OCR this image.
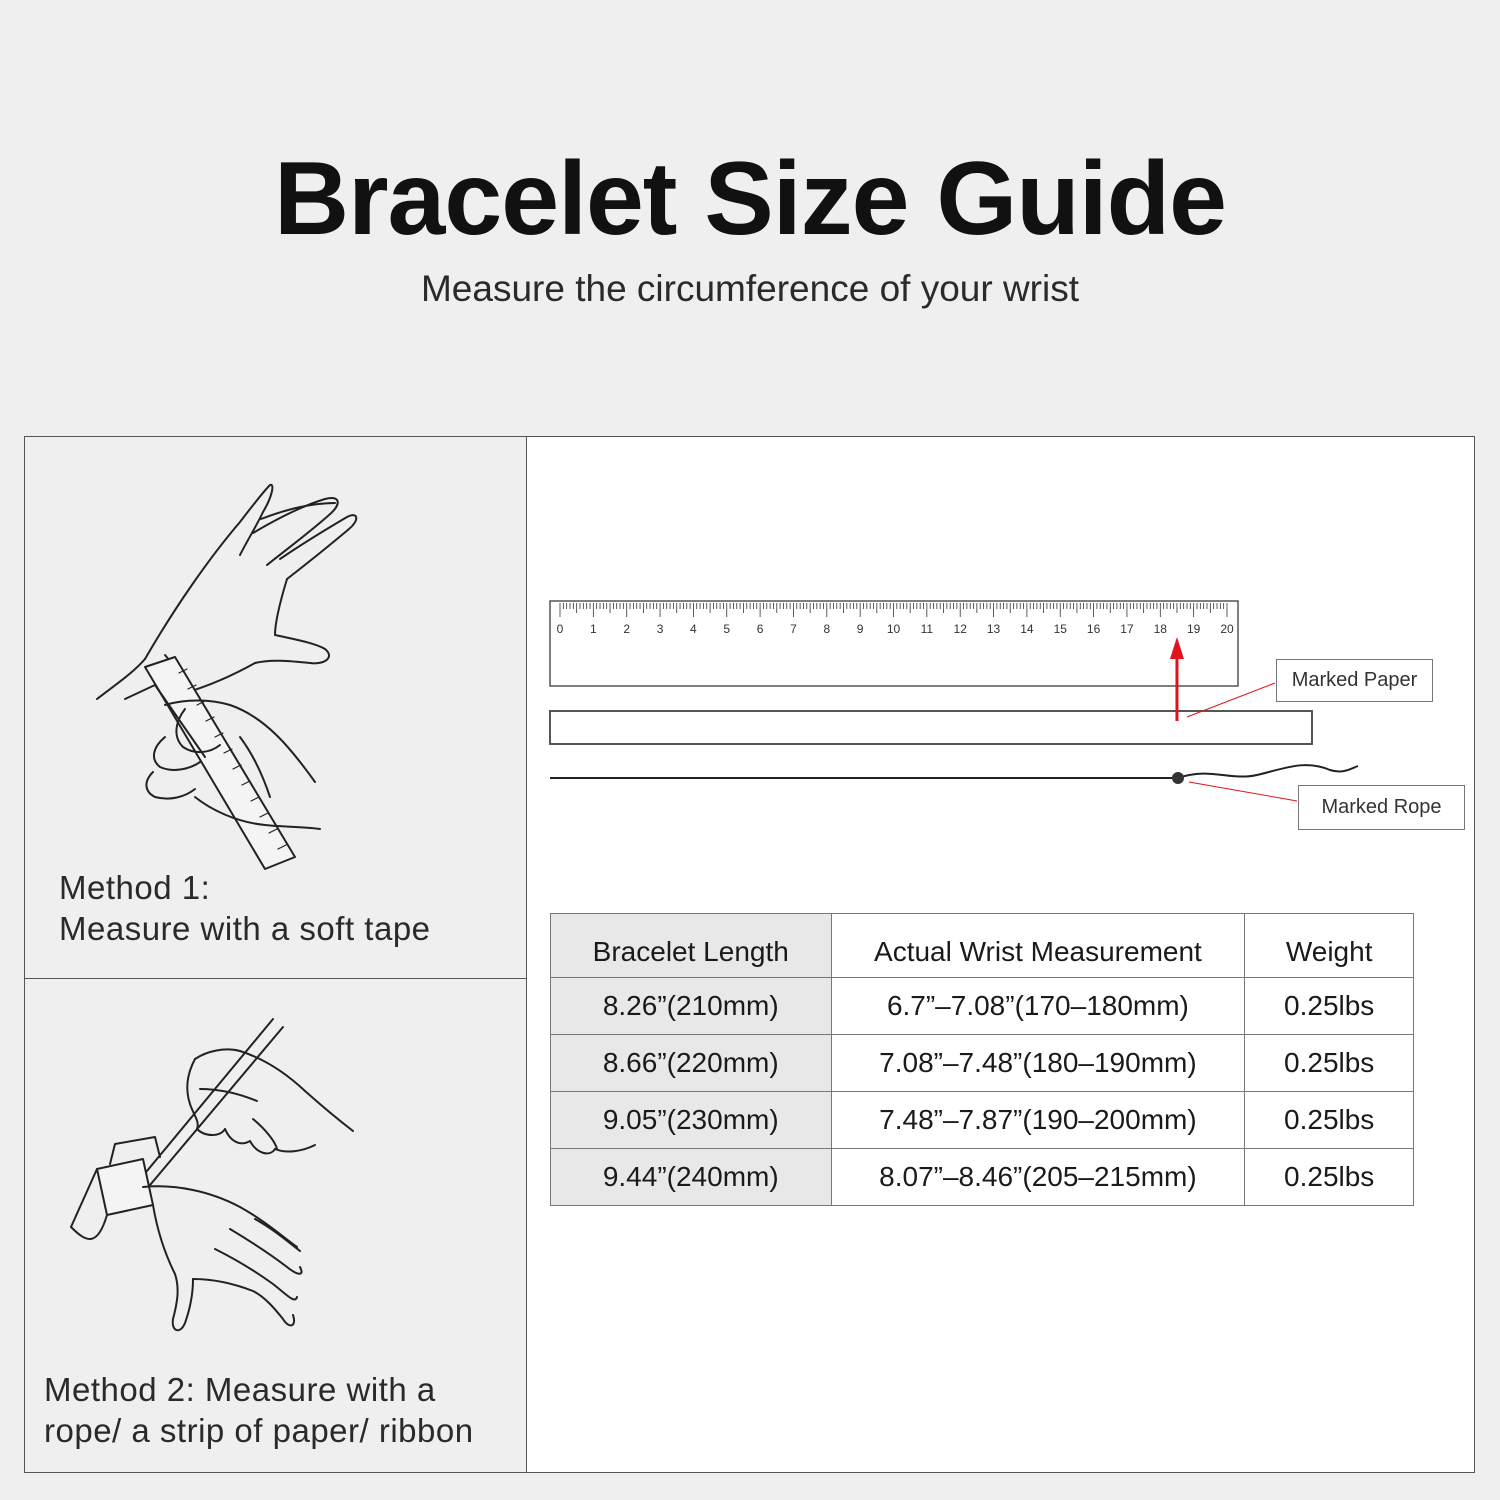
Bracelet Size Guide
Measure the circumference of your wrist
Method 1:
Measure with a soft tape
Method 2: Measure with a
rope/ a strip of paper/ ribbon
0 1 2 3 4 5 6 7 8 9 10 11 12 13 14 15 16 17 18 19 20
Marked Paper
Marked Rope
Bracelet Length	Actual Wrist Measurement	Weight
8.26”(210mm)	6.7”–7.08”(170–180mm)	0.25lbs
8.66”(220mm)	7.08”–7.48”(180–190mm)	0.25lbs
9.05”(230mm)	7.48”–7.87”(190–200mm)	0.25lbs
9.44”(240mm)	8.07”–8.46”(205–215mm)	0.25lbs
